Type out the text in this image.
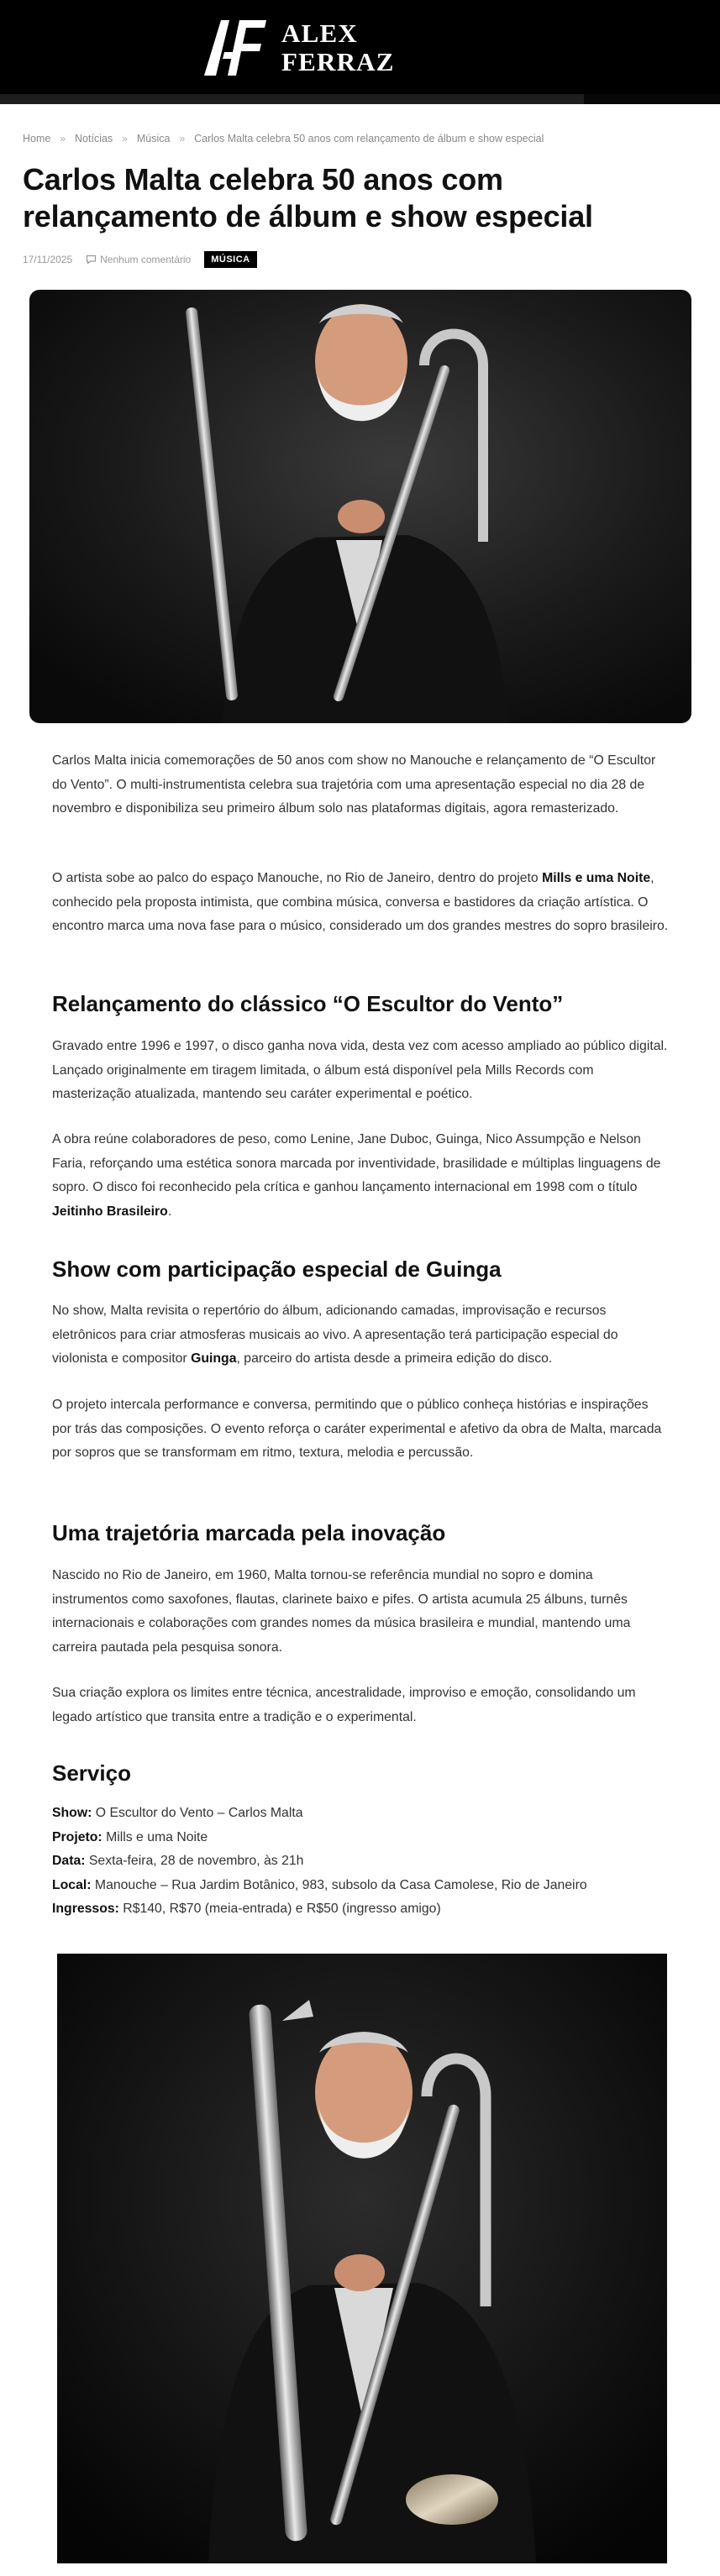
ALEX
FERRAZ
Home » Notícias » Música » Carlos Malta celebra 50 anos com relançamento de álbum e show especial
Carlos Malta celebra 50 anos com relançamento de álbum e show especial
17/11/2025	Nenhum comentário	MÚSICA

Carlos Malta inicia comemorações de 50 anos com show no Manouche e relançamento de “O Escultor do Vento”. O multi-instrumentista celebra sua trajetória com uma apresentação especial no dia 28 de novembro e disponibiliza seu primeiro álbum solo nas plataformas digitais, agora remasterizado.

O artista sobe ao palco do espaço Manouche, no Rio de Janeiro, dentro do projeto Mills e uma Noite, conhecido pela proposta intimista, que combina música, conversa e bastidores da criação artística. O encontro marca uma nova fase para o músico, considerado um dos grandes mestres do sopro brasileiro.

Relançamento do clássico “O Escultor do Vento”

Gravado entre 1996 e 1997, o disco ganha nova vida, desta vez com acesso ampliado ao público digital. Lançado originalmente em tiragem limitada, o álbum está disponível pela Mills Records com masterização atualizada, mantendo seu caráter experimental e poético.

A obra reúne colaboradores de peso, como Lenine, Jane Duboc, Guinga, Nico Assumpção e Nelson Faria, reforçando uma estética sonora marcada por inventividade, brasilidade e múltiplas linguagens de sopro. O disco foi reconhecido pela crítica e ganhou lançamento internacional em 1998 com o título Jeitinho Brasileiro.

Show com participação especial de Guinga

No show, Malta revisita o repertório do álbum, adicionando camadas, improvisação e recursos eletrônicos para criar atmosferas musicais ao vivo. A apresentação terá participação especial do violonista e compositor Guinga, parceiro do artista desde a primeira edição do disco.

O projeto intercala performance e conversa, permitindo que o público conheça histórias e inspirações por trás das composições. O evento reforça o caráter experimental e afetivo da obra de Malta, marcada por sopros que se transformam em ritmo, textura, melodia e percussão.

Uma trajetória marcada pela inovação

Nascido no Rio de Janeiro, em 1960, Malta tornou-se referência mundial no sopro e domina instrumentos como saxofones, flautas, clarinete baixo e pifes. O artista acumula 25 álbuns, turnês internacionais e colaborações com grandes nomes da música brasileira e mundial, mantendo uma carreira pautada pela pesquisa sonora.

Sua criação explora os limites entre técnica, ancestralidade, improviso e emoção, consolidando um legado artístico que transita entre a tradição e o experimental.

Serviço

Show: O Escultor do Vento – Carlos Malta

Projeto: Mills e uma Noite

Data: Sexta-feira, 28 de novembro, às 21h

Local: Manouche – Rua Jardim Botânico, 983, subsolo da Casa Camolese, Rio de Janeiro

Ingressos: R$140, R$70 (meia-entrada) e R$50 (ingresso amigo)
